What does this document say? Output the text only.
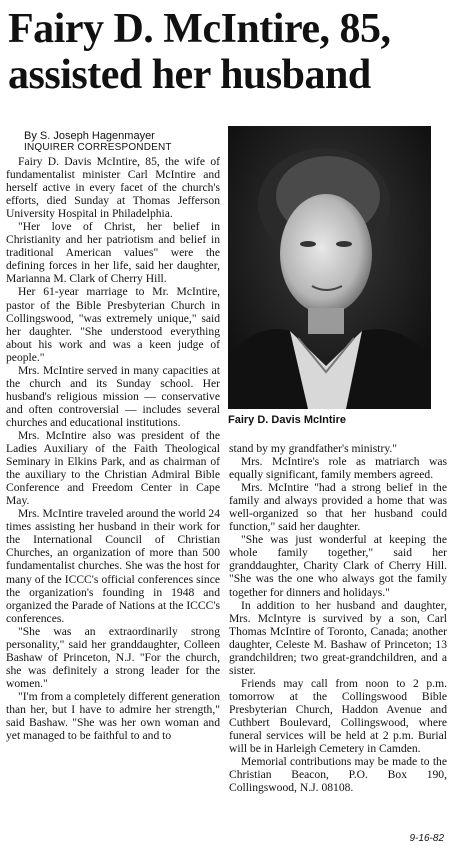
Fairy D. McIntire, 85, assisted her husband
By S. Joseph Hagenmayer
INQUIRER CORRESPONDENT

Fairy D. Davis McIntire, 85, the wife of fundamentalist minister Carl McIntire and herself active in every facet of the church's efforts, died Sunday at Thomas Jefferson University Hospital in Philadelphia.

"Her love of Christ, her belief in Christianity and her patriotism and belief in traditional American values" were the defining forces in her life, said her daughter, Marianna M. Clark of Cherry Hill.

Her 61-year marriage to Mr. McIntire, pastor of the Bible Presbyterian Church in Collingswood, "was extremely unique," said her daughter. "She understood everything about his work and was a keen judge of people."

Mrs. McIntire served in many capacities at the church and its Sunday school. Her husband's religious mission — conservative and often controversial — includes several churches and educational institutions.

Mrs. McIntire also was president of the Ladies Auxiliary of the Faith Theological Seminary in Elkins Park, and as chairman of the auxiliary to the Christian Admiral Bible Conference and Freedom Center in Cape May.

Mrs. McIntire traveled around the world 24 times assisting her husband in their work for the International Council of Christian Churches, an organization of more than 500 fundamentalist churches. She was the host for many of the ICCC's official conferences since the organization's founding in 1948 and organized the Parade of Nations at the ICCC's conferences.

"She was an extraordinarily strong personality," said her granddaughter, Colleen Bashaw of Princeton, N.J. "For the church, she was definitely a strong leader for the women."

"I'm from a completely different generation than her, but I have to admire her strength," said Bashaw. "She was her own woman and yet managed to be faithful to and to

Fairy D. Davis McIntire

stand by my grandfather's ministry."

Mrs. McIntire's role as matriarch was equally significant, family members agreed.

Mrs. McIntire "had a strong belief in the family and always provided a home that was well-organized so that her husband could function," said her daughter.

"She was just wonderful at keeping the whole family together," said her granddaughter, Charity Clark of Cherry Hill. "She was the one who always got the family together for dinners and holidays."

In addition to her husband and daughter, Mrs. McIntyre is survived by a son, Carl Thomas McIntire of Toronto, Canada; another daughter, Celeste M. Bashaw of Princeton; 13 grandchildren; two great-grandchildren, and a sister.

Friends may call from noon to 2 p.m. tomorrow at the Collingswood Bible Presbyterian Church, Haddon Avenue and Cuthbert Boulevard, Collingswood, where funeral services will be held at 2 p.m. Burial will be in Harleigh Cemetery in Camden.

Memorial contributions may be made to the Christian Beacon, P.O. Box 190, Collingswood, N.J. 08108.

9-16-82
